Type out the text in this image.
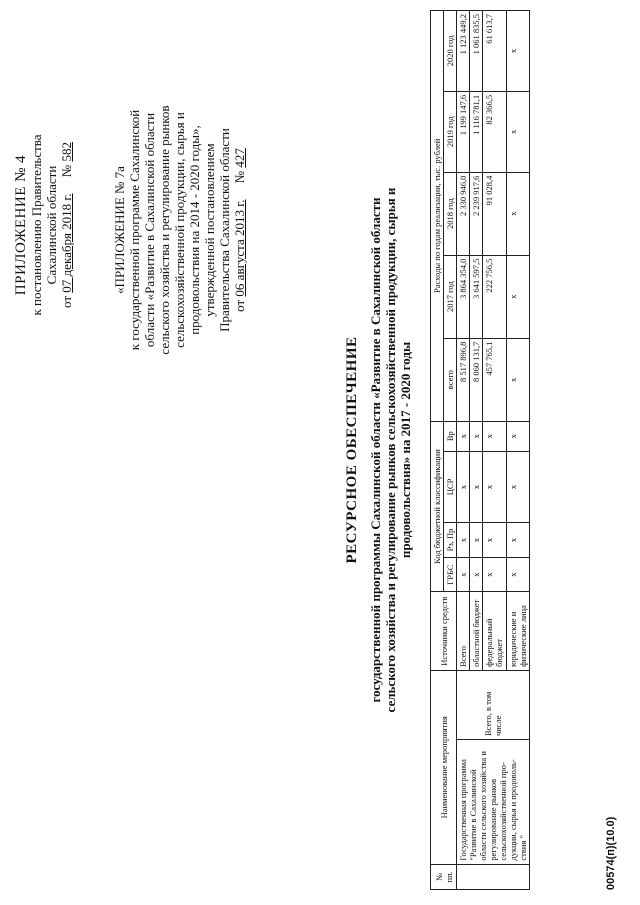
ПРИЛОЖЕНИЕ № 4 к постановлению Правительства Сахалинской области
от 07 декабря 2018 г.     № 582
«ПРИЛОЖЕНИЕ № 7а к государственной программе Сахалинской области «Развитие в Сахалинской области сельского хозяйства и регулирование рынков сельскохозяйственной продукции, сырья и продовольствия на 2014 - 2020 годы», утвержденной постановлением Правительства Сахалинской области от 06 августа 2013 г.     № 427
РЕСУРСНОЕ ОБЕСПЕЧЕНИЕ государственной программы Сахалинской области «Развитие в Сахалинской области сельского хозяйства и регулирование рынков сельскохозяйственной продукции, сырья и продовольствия» на 2017 - 2020 годы
№ пп.	Наименование мероприятия		Источники средств	Код бюджетной классификации				Расходы по годам реализации, тыс. рублей				
				ГРБС	Рз, Пр	ЦСР	Вр	всего	2017 год	2018 год	2019 год	2020 год
	Государственная программа "Развитие в Сахалинской области сельского хозяйства и регулирование рынков сельскохозяйственной про-дукции, сырья и продоволь-ствия "	Всего, в том числе	Всего	х	х	х	х	8 517 896,8	3 864 354,0	2 330 946,0	1 199 147,6	1 123 449,2
			областной бюджет	х	х	х	х	8 060 131,7	3 641 597,5	2 239 917,6	1 116 781,1	1 061 835,5
			федеральный бюджет	х	х	х	х	457 765,1	222 756,5	91 028,4	82 366,5	61 613,7
			юридические и физические лица	х	х	х	х	х	х	х	х	х
00574(п)(10.0)
